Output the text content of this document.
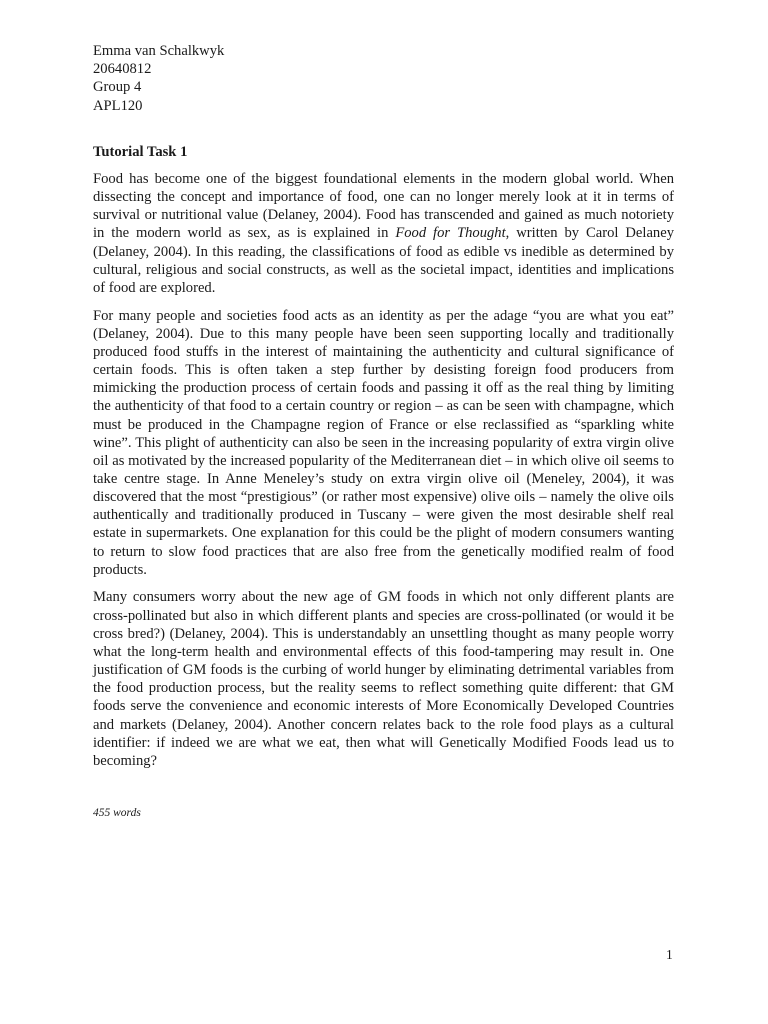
Emma van Schalkwyk
20640812
Group 4
APL120
Tutorial Task 1

Food has become one of the biggest foundational elements in the modern global world. When dissecting the concept and importance of food, one can no longer merely look at it in terms of survival or nutritional value (Delaney, 2004). Food has transcended and gained as much notoriety in the modern world as sex, as is explained in Food for Thought, written by Carol Delaney (Delaney, 2004). In this reading, the classifications of food as edible vs inedible as determined by cultural, religious and social constructs, as well as the societal impact, identities and implications of food are explored.

For many people and societies food acts as an identity as per the adage “you are what you eat” (Delaney, 2004). Due to this many people have been seen supporting locally and traditionally produced food stuffs in the interest of maintaining the authenticity and cultural significance of certain foods. This is often taken a step further by desisting foreign food producers from mimicking the production process of certain foods and passing it off as the real thing by limiting the authenticity of that food to a certain country or region – as can be seen with champagne, which must be produced in the Champagne region of France or else reclassified as “sparkling white wine”. This plight of authenticity can also be seen in the increasing popularity of extra virgin olive oil as motivated by the increased popularity of the Mediterranean diet – in which olive oil seems to take centre stage. In Anne Meneley’s study on extra virgin olive oil (Meneley, 2004), it was discovered that the most “prestigious” (or rather most expensive) olive oils – namely the olive oils authentically and traditionally produced in Tuscany – were given the most desirable shelf real estate in supermarkets. One explanation for this could be the plight of modern consumers wanting to return to slow food practices that are also free from the genetically modified realm of food products.

Many consumers worry about the new age of GM foods in which not only different plants are cross-pollinated but also in which different plants and species are cross-pollinated (or would it be cross bred?) (Delaney, 2004). This is understandably an unsettling thought as many people worry what the long-term health and environmental effects of this food-tampering may result in. One justification of GM foods is the curbing of world hunger by eliminating detrimental variables from the food production process, but the reality seems to reflect something quite different: that GM foods serve the convenience and economic interests of More Economically Developed Countries and markets (Delaney, 2004). Another concern relates back to the role food plays as a cultural identifier: if indeed we are what we eat, then what will Genetically Modified Foods lead us to becoming?

455 words
1
